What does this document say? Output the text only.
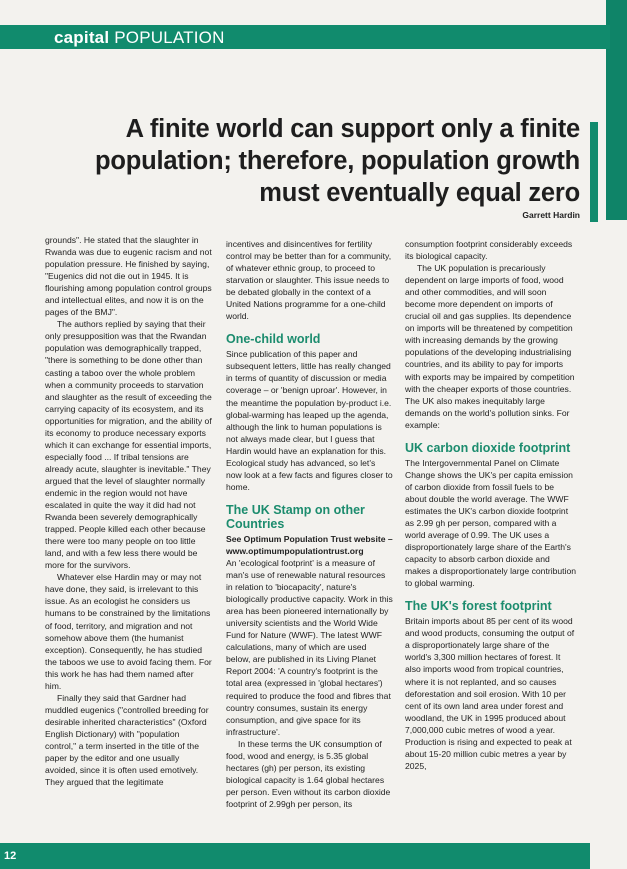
capital POPULATION
A finite world can support only a finite
population; therefore, population growth
must eventually equal zero
Garrett Hardin

grounds". He stated that the slaughter in Rwanda was due to eugenic racism and not population pressure. He finished by saying, "Eugenics did not die out in 1945. It is flourishing among population control groups and intellectual elites, and now it is on the pages of the BMJ".

The authors replied by saying that their only presupposition was that the Rwandan population was demographically trapped, "there is something to be done other than casting a taboo over the whole problem when a community proceeds to starvation and slaughter as the result of exceeding the carrying capacity of its ecosystem, and its opportunities for migration, and the ability of its economy to produce necessary exports which it can exchange for essential imports, especially food ... If tribal tensions are already acute, slaughter is inevitable." They argued that the level of slaughter normally endemic in the region would not have escalated in quite the way it did had not Rwanda been severely demographically trapped. People killed each other because there were too many people on too little land, and with a few less there would be more for the survivors.

Whatever else Hardin may or may not have done, they said, is irrelevant to this issue. As an ecologist he considers us humans to be constrained by the limitations of food, territory, and migration and not somehow above them (the humanist exception). Consequently, he has studied the taboos we use to avoid facing them. For this work he has had them named after him.

Finally they said that Gardner had muddled eugenics ("controlled breeding for desirable inherited characteristics" (Oxford English Dictionary) with "population control," a term inserted in the title of the paper by the editor and one usually avoided, since it is often used emotively. They argued that the legitimate

incentives and disincentives for fertility control may be better than for a community, of whatever ethnic group, to proceed to starvation or slaughter. This issue needs to be debated globally in the context of a United Nations programme for a one-child world.

One-child world

Since publication of this paper and subsequent letters, little has really changed in terms of quantity of discussion or media coverage – or 'benign uproar'. However, in the meantime the population by-product i.e. global-warming has leaped up the agenda, although the link to human populations is not always made clear, but I guess that Hardin would have an explanation for this. Ecological study has advanced, so let's now look at a few facts and figures closer to home.

The UK Stamp on other Countries

See Optimum Population Trust website – www.optimumpopulationtrust.org

An 'ecological footprint' is a measure of man's use of renewable natural resources in relation to 'biocapacity', nature's biologically productive capacity. Work in this area has been pioneered internationally by university scientists and the World Wide Fund for Nature (WWF). The latest WWF calculations, many of which are used below, are published in its Living Planet Report 2004: 'A country's footprint is the total area (expressed in 'global hectares') required to produce the food and fibres that country consumes, sustain its energy consumption, and give space for its infrastructure'.

In these terms the UK consumption of food, wood and energy, is 5.35 global hectares (gh) per person, its existing biological capacity is 1.64 global hectares per person. Even without its carbon dioxide footprint of 2.99gh per person, its

consumption footprint considerably exceeds its biological capacity.

The UK population is precariously dependent on large imports of food, wood and other commodities, and will soon become more dependent on imports of crucial oil and gas supplies. Its dependence on imports will be threatened by competition with increasing demands by the growing populations of the developing industrialising countries, and its ability to pay for imports with exports may be impaired by competition with the cheaper exports of those countries. The UK also makes inequitably large demands on the world's pollution sinks. For example:

UK carbon dioxide footprint

The Intergovernmental Panel on Climate Change shows the UK's per capita emission of carbon dioxide from fossil fuels to be about double the world average. The WWF estimates the UK's carbon dioxide footprint as 2.99 gh per person, compared with a world average of 0.99. The UK uses a disproportionately large share of the Earth's capacity to absorb carbon dioxide and makes a disproportionately large contribution to global warming.

The UK's forest footprint

Britain imports about 85 per cent of its wood and wood products, consuming the output of a disproportionately large share of the world's 3,300 million hectares of forest. It also imports wood from tropical countries, where it is not replanted, and so causes deforestation and soil erosion. With 10 per cent of its own land area under forest and woodland, the UK in 1995 produced about 7,000,000 cubic metres of wood a year. Production is rising and expected to peak at about 15-20 million cubic metres a year by 2025,

12
